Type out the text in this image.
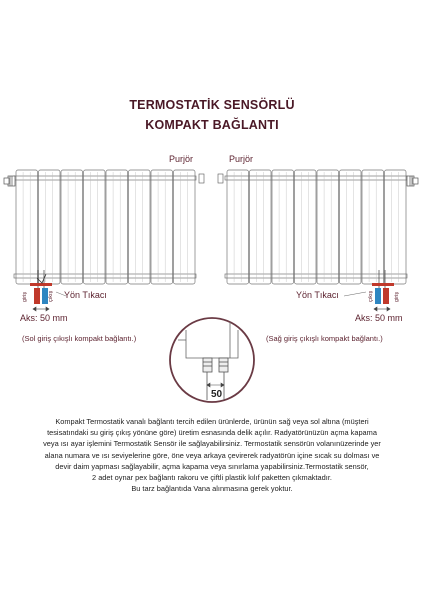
TERMOSTATİK SENSÖRLÜ
KOMPAKT BAĞLANTI
Purjör	Purjör
Yön Tıkacı	Yön Tıkacı
giriş	çıkış	çıkış	giriş
Aks: 50 mm	Aks: 50 mm
(Sol giriş çıkışlı kompakt bağlantı.)	(Sağ giriş çıkışlı kompakt bağlantı.)
50
Kompakt Termostatik vanalı bağlantı tercih edilen ürünlerde, ürünün sağ veya sol altına (müşteri
tesisatındaki su giriş çıkış yönüne göre) üretim esnasında delik açılır. Radyatörünüzün açma kapama
veya ısı ayar işlemini Termostatik Sensör ile sağlayabilirsiniz. Termostatik sensörün volanınüzerinde yer
alana numara ve ısı seviyelerine göre, öne veya arkaya çevirerek radyatörün içine sıcak su dolması ve
devir daim yapması sağlayabilir, açma kapama veya sınırlama yapabilirsiniz.Termostatik sensör,
2 adet oynar pex bağlantı rakoru ve çiftli plastik kılıf paketten çıkmaktadır.
Bu tarz bağlantıda Vana alınmasına gerek yoktur.
